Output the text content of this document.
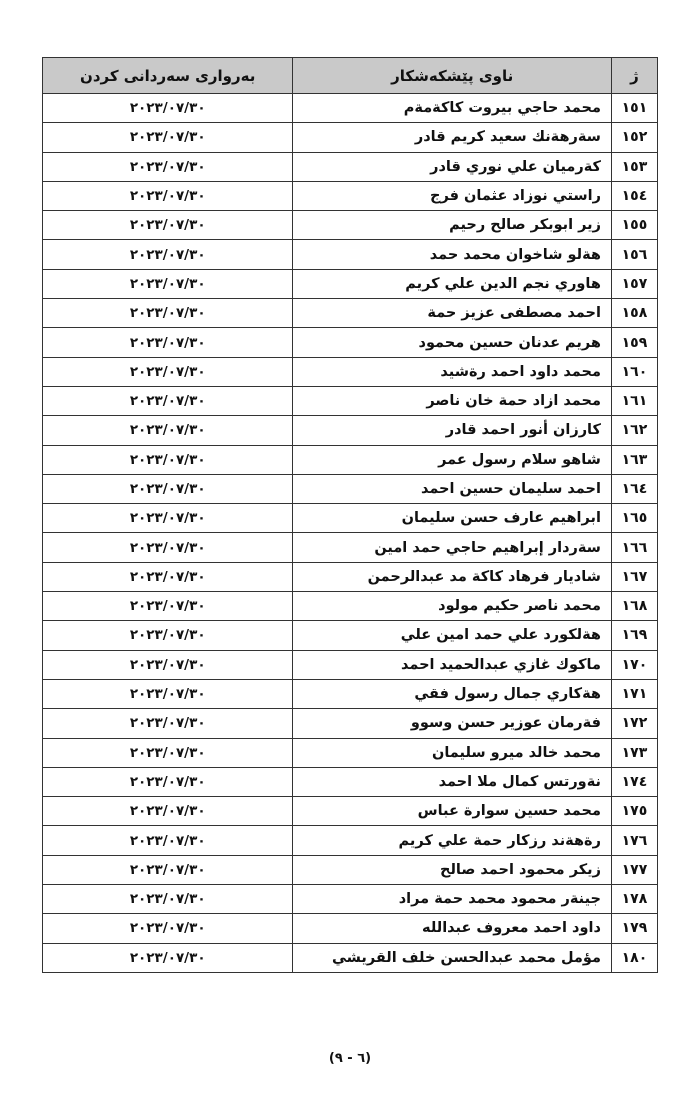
ژ	ناوی پێشکەشکار	بەرواری سەردانی کردن
١٥١	محمد حاجي بيروت كاكةمةم	٢٠٢٣/٠٧/٣٠
١٥٢	سةرهةنك سعيد كريم قادر	٢٠٢٣/٠٧/٣٠
١٥٣	كةرميان علي نوري قادر	٢٠٢٣/٠٧/٣٠
١٥٤	راستي نوزاد عثمان فرج	٢٠٢٣/٠٧/٣٠
١٥٥	زير ابوبكر صالح رحيم	٢٠٢٣/٠٧/٣٠
١٥٦	هةلو شاخوان محمد حمد	٢٠٢٣/٠٧/٣٠
١٥٧	هاوري نجم الدين علي كريم	٢٠٢٣/٠٧/٣٠
١٥٨	احمد مصطفى عزيز حمة	٢٠٢٣/٠٧/٣٠
١٥٩	هريم عدنان حسين محمود	٢٠٢٣/٠٧/٣٠
١٦٠	محمد داود احمد رةشيد	٢٠٢٣/٠٧/٣٠
١٦١	محمد ازاد حمة خان ناصر	٢٠٢٣/٠٧/٣٠
١٦٢	كارزان أنور احمد قادر	٢٠٢٣/٠٧/٣٠
١٦٣	شاهو سلام رسول عمر	٢٠٢٣/٠٧/٣٠
١٦٤	احمد سليمان حسين احمد	٢٠٢٣/٠٧/٣٠
١٦٥	ابراهيم عارف حسن سليمان	٢٠٢٣/٠٧/٣٠
١٦٦	سةردار إبراهيم حاجي حمد امين	٢٠٢٣/٠٧/٣٠
١٦٧	شاديار فرهاد كاكة مد عبدالرحمن	٢٠٢٣/٠٧/٣٠
١٦٨	محمد ناصر حكيم مولود	٢٠٢٣/٠٧/٣٠
١٦٩	هةلكورد علي حمد امين علي	٢٠٢٣/٠٧/٣٠
١٧٠	ماكوك غازي عبدالحميد احمد	٢٠٢٣/٠٧/٣٠
١٧١	هةكاري جمال رسول فقي	٢٠٢٣/٠٧/٣٠
١٧٢	فةرمان عوزير حسن وسوو	٢٠٢٣/٠٧/٣٠
١٧٣	محمد خالد ميرو سليمان	٢٠٢٣/٠٧/٣٠
١٧٤	نةورتس كمال ملا احمد	٢٠٢٣/٠٧/٣٠
١٧٥	محمد حسين سوارة عباس	٢٠٢٣/٠٧/٣٠
١٧٦	رةهةند رزكار حمة علي كريم	٢٠٢٣/٠٧/٣٠
١٧٧	زيكر محمود احمد صالح	٢٠٢٣/٠٧/٣٠
١٧٨	جينةر محمود محمد حمة مراد	٢٠٢٣/٠٧/٣٠
١٧٩	داود احمد معروف عبدالله	٢٠٢٣/٠٧/٣٠
١٨٠	مؤمل محمد عبدالحسن خلف القريشي	٢٠٢٣/٠٧/٣٠
(٦ - ٩)
